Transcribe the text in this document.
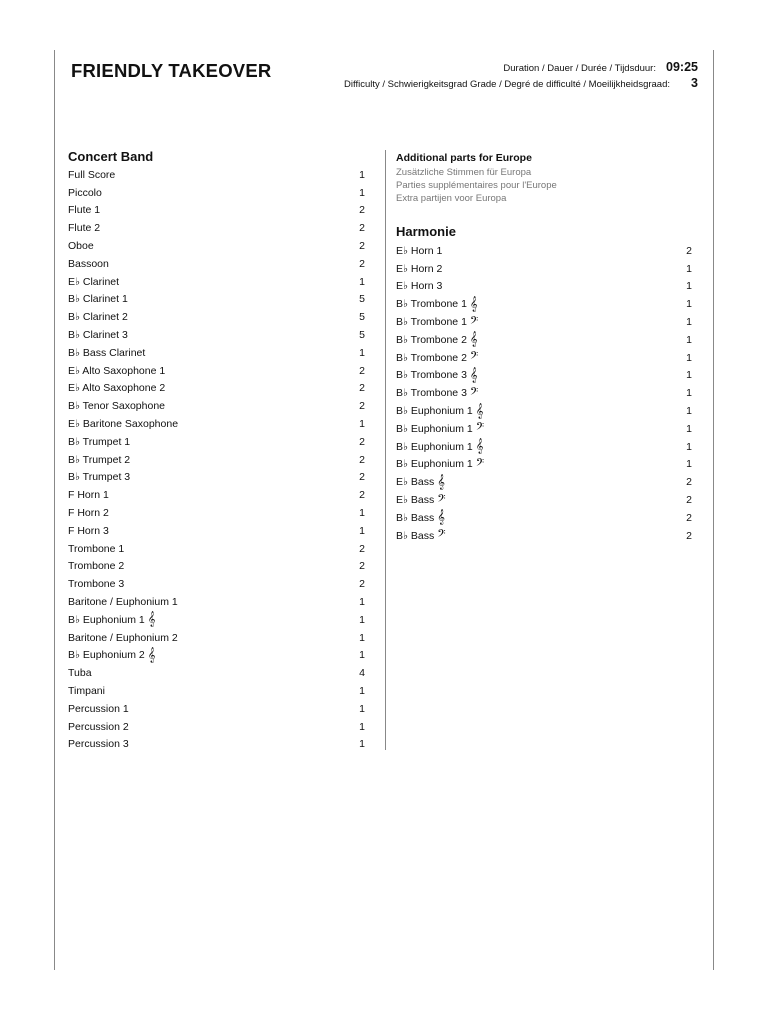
FRIENDLY TAKEOVER	Duration / Dauer / Durée / Tijdsduur: 09:25
Difficulty / Schwierigkeitsgrad Grade / Degré de difficulté / Moeilijkheidsgraad:	3
Concert Band
Full Score	1
Piccolo	1
Flute 1	2
Flute 2	2
Oboe	2
Bassoon	2
E♭ Clarinet	1
B♭ Clarinet 1	5
B♭ Clarinet 2	5
B♭ Clarinet 3	5
B♭ Bass Clarinet	1
E♭ Alto Saxophone 1	2
E♭ Alto Saxophone 2	2
B♭ Tenor Saxophone	2
E♭ Baritone Saxophone	1
B♭ Trumpet 1	2
B♭ Trumpet 2	2
B♭ Trumpet 3	2
F Horn 1	2
F Horn 2	1
F Horn 3	1
Trombone 1	2
Trombone 2	2
Trombone 3	2
Baritone / Euphonium 1	1
B♭ Euphonium 1 𝄞	1
Baritone / Euphonium 2	1
B♭ Euphonium 2 𝄞	1
Tuba	4
Timpani	1
Percussion 1	1
Percussion 2	1
Percussion 3	1
Additional parts for Europe
Zusätzliche Stimmen für Europa
Parties supplémentaires pour l'Europe
Extra partijen voor Europa
Harmonie
E♭ Horn 1	2
E♭ Horn 2	1
E♭ Horn 3	1
B♭ Trombone 1 𝄞	1
B♭ Trombone 1 𝄢	1
B♭ Trombone 2 𝄞	1
B♭ Trombone 2 𝄢	1
B♭ Trombone 3 𝄞	1
B♭ Trombone 3 𝄢	1
B♭ Euphonium 1 𝄞	1
B♭ Euphonium 1 𝄢	1
B♭ Euphonium 1 𝄞	1
B♭ Euphonium 1 𝄢	1
E♭ Bass 𝄞	2
E♭ Bass 𝄢	2
B♭ Bass 𝄞	2
B♭ Bass 𝄢	2
